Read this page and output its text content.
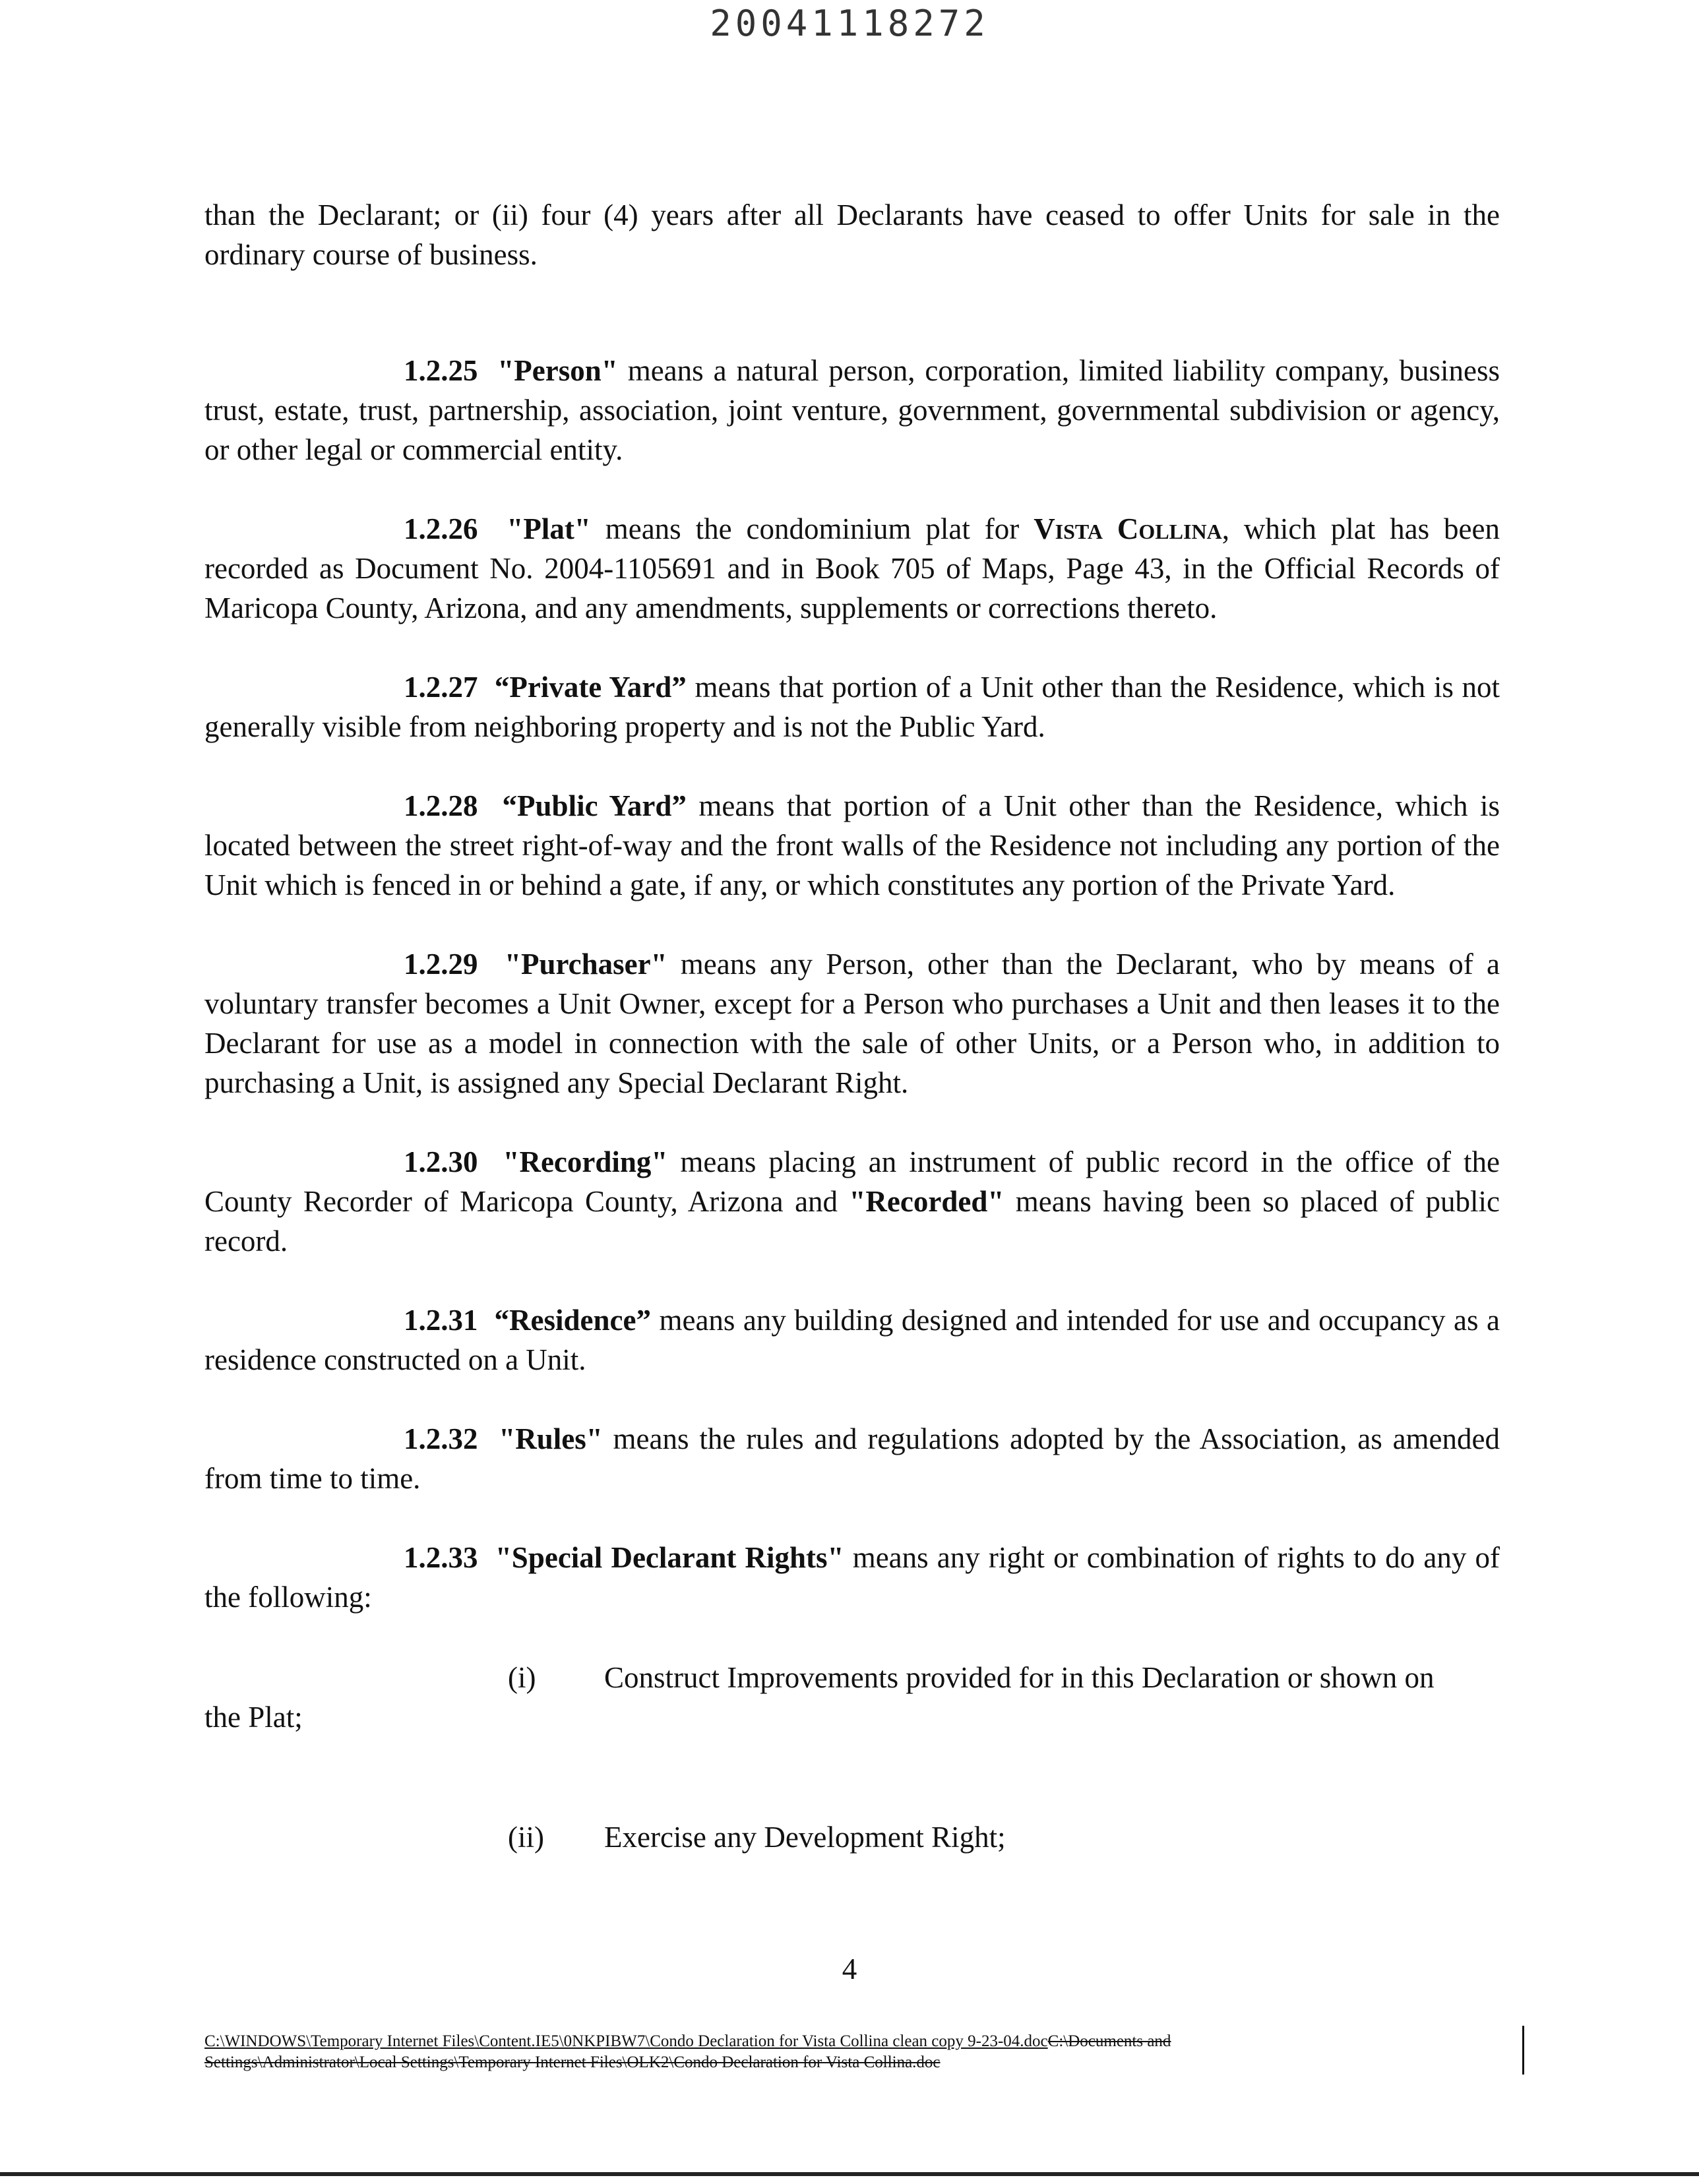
20041118272

than the Declarant; or (ii) four (4) years after all Declarants have ceased to offer Units for sale in the ordinary course of business.

1.2.25 "Person" means a natural person, corporation, limited liability company, business trust, estate, trust, partnership, association, joint venture, government, governmental subdivision or agency, or other legal or commercial entity.

1.2.26 "Plat" means the condominium plat for Vista Collina, which plat has been recorded as Document No. 2004-1105691 and in Book 705 of Maps, Page 43, in the Official Records of Maricopa County, Arizona, and any amendments, supplements or corrections thereto.

1.2.27 “Private Yard” means that portion of a Unit other than the Residence, which is not generally visible from neighboring property and is not the Public Yard.

1.2.28 “Public Yard” means that portion of a Unit other than the Residence, which is located between the street right-of-way and the front walls of the Residence not including any portion of the Unit which is fenced in or behind a gate, if any, or which constitutes any portion of the Private Yard.

1.2.29 "Purchaser" means any Person, other than the Declarant, who by means of a voluntary transfer becomes a Unit Owner, except for a Person who purchases a Unit and then leases it to the Declarant for use as a model in connection with the sale of other Units, or a Person who, in addition to purchasing a Unit, is assigned any Special Declarant Right.

1.2.30 "Recording" means placing an instrument of public record in the office of the County Recorder of Maricopa County, Arizona and "Recorded" means having been so placed of public record.

1.2.31 “Residence” means any building designed and intended for use and occupancy as a residence constructed on a Unit.

1.2.32 "Rules" means the rules and regulations adopted by the Association, as amended from time to time.

1.2.33 "Special Declarant Rights" means any right or combination of rights to do any of the following:

(i) Construct Improvements provided for in this Declaration or shown on

the Plat;

(ii) Exercise any Development Right;
4
C:\WINDOWS\Temporary Internet Files\Content.IE5\0NKPIBW7\Condo Declaration for Vista Collina clean copy 9-23-04.docC:\Documents and
Settings\Administrator\Local Settings\Temporary Internet Files\OLK2\Condo Declaration for Vista Collina.doc
